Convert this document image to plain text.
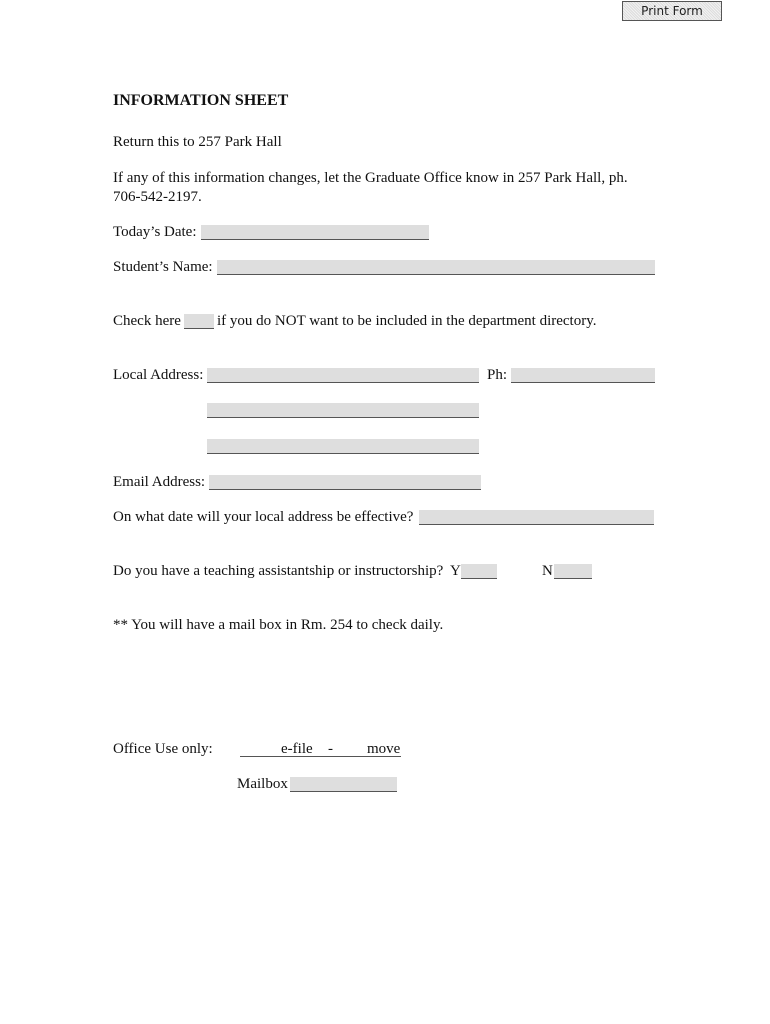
Print Form
INFORMATION SHEET
Return this to 257 Park Hall
If any of this information changes, let the Graduate Office know in 257 Park Hall, ph.
706-542-2197.
Today’s Date:
Student’s Name:
Check here if you do NOT want to be included in the department directory.
Local Address:	Ph:
Email Address:
On what date will your local address be effective?
Do you have a teaching assistantship or instructorship? Y	N
** You will have a mail box in Rm. 254 to check daily.
Office Use only:	e-file - move
Mailbox
